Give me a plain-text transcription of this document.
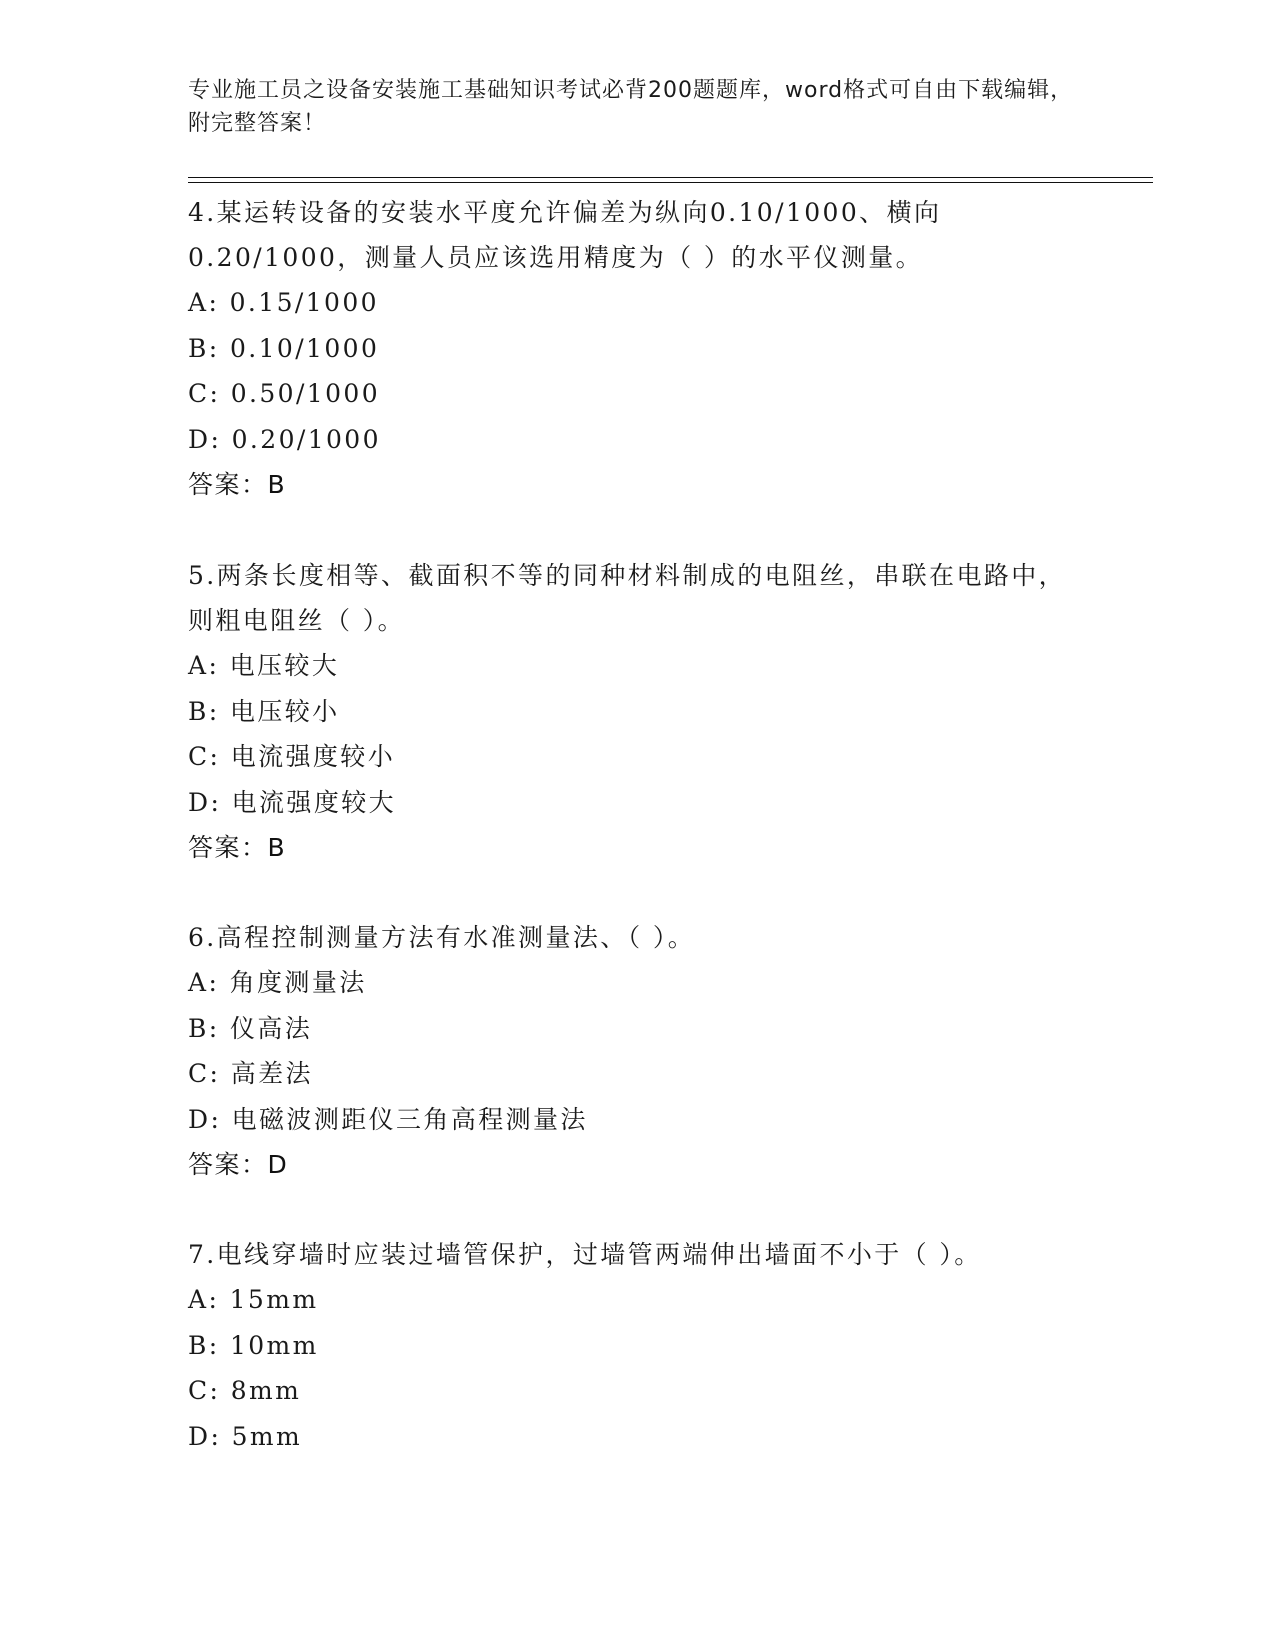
专业施工员之设备安装施工基础知识考试必背200题题库，word格式可自由下载编辑，附完整答案！

4.某运转设备的安装水平度允许偏差为纵向0.10/1000、横向0.20/1000，测量人员应该选用精度为（ ）的水平仪测量。

A: 0.15/1000

B: 0.10/1000

C: 0.50/1000

D: 0.20/1000

答案：B

5.两条长度相等、截面积不等的同种材料制成的电阻丝，串联在电路中，则粗电阻丝（ ）。

A: 电压较大

B: 电压较小

C: 电流强度较小

D: 电流强度较大

答案：B

6.高程控制测量方法有水准测量法、（ ）。

A: 角度测量法

B: 仪高法

C: 高差法

D: 电磁波测距仪三角高程测量法

答案：D

7.电线穿墙时应装过墙管保护，过墙管两端伸出墙面不小于（ ）。

A: 15mm

B: 10mm

C: 8mm

D: 5mm
